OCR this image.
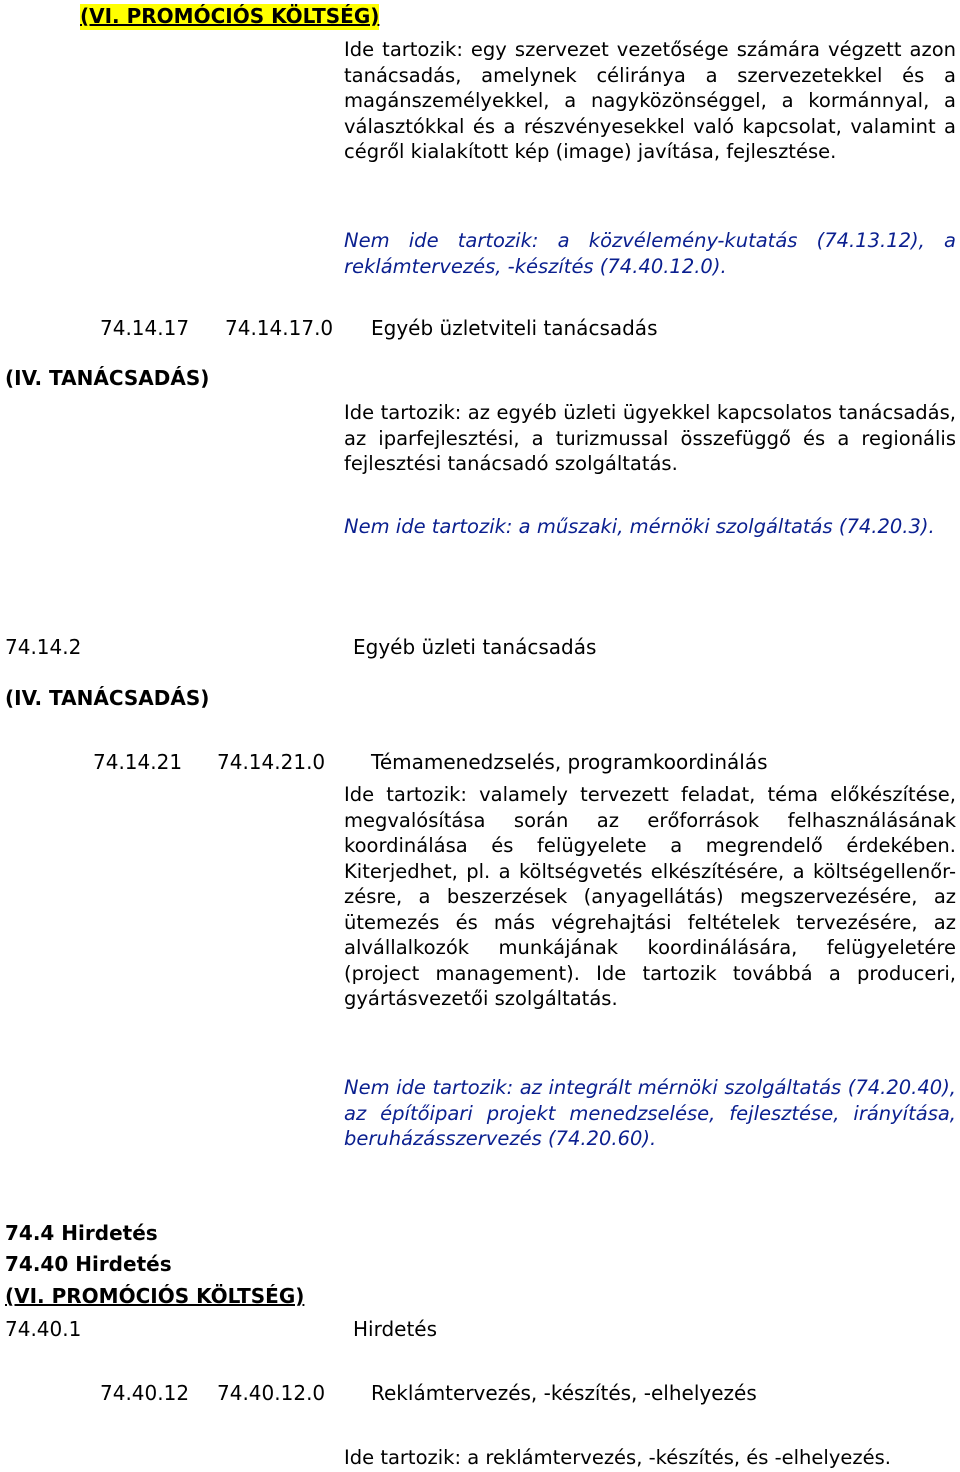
(VI. PROMÓCIÓS KÖLTSÉG)
Ide tartozik: egy szervezet vezetősége számára végzett azon tanácsadás, amelynek céliránya a szervezetekkel és a magánszemélyekkel, a nagyközönséggel, a kormánnyal, a választókkal és a részvényesekkel való kapcsolat, valamint a cégről kialakított kép (image) javítása, fejlesztése.
Nem ide tartozik: a közvélemény-kutatás (74.13.12), a reklámtervezés, -készítés (74.40.12.0).
74.14.17 74.14.17.0 Egyéb üzletviteli tanácsadás
(IV. TANÁCSADÁS)
Ide tartozik: az egyéb üzleti ügyekkel kapcsolatos tanácsadás, az iparfejlesztési, a turizmussal összefüggő és a regionális fejlesztési tanácsadó szolgáltatás.
Nem ide tartozik: a műszaki, mérnöki szolgáltatás (74.20.3).
74.14.2	Egyéb üzleti tanácsadás
(IV. TANÁCSADÁS)
74.14.21 74.14.21.0 Témamenedzselés, programkoordinálás
Ide tartozik: valamely tervezett feladat, téma előkészítése, megvalósítása során az erőforrások felhasználásának koordinálása és felügyelete a megrendelő érdekében. Kiterjedhet, pl. a költségvetés elkészítésére, a költségellenőr-zésre, a beszerzések (anyagellátás) megszervezésére, az ütemezés és más végrehajtási feltételek tervezésére, az alvállalkozók munkájának koordinálására, felügyeletére (project management). Ide tartozik továbbá a produceri, gyártásvezetői szolgáltatás.
Nem ide tartozik: az integrált mérnöki szolgáltatás (74.20.40), az építőipari projekt menedzselése, fejlesztése, irányítása, beruházásszervezés (74.20.60).
74.4 Hirdetés
74.40 Hirdetés
(VI. PROMÓCIÓS KÖLTSÉG)
74.40.1	Hirdetés
74.40.12 74.40.12.0 Reklámtervezés, -készítés, -elhelyezés
Ide tartozik: a reklámtervezés, -készítés, és -elhelyezés.
